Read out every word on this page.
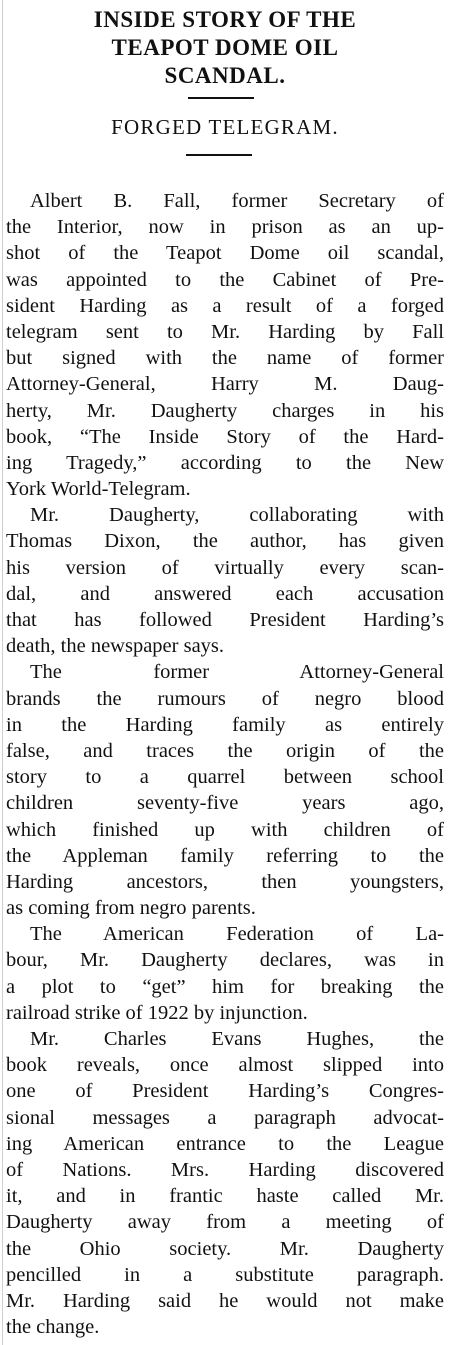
INSIDE STORY OF THE
TEAPOT DOME OIL
SCANDAL.
FORGED TELEGRAM.
Albert B. Fall, former Secretary of
the Interior, now in prison as an up-
shot of the Teapot Dome oil scandal,
was appointed to the Cabinet of Pre-
sident Harding as a result of a forged
telegram sent to Mr. Harding by Fall
but signed with the name of former
Attorney-General, Harry M. Daug-
herty, Mr. Daugherty charges in his
book, “The Inside Story of the Hard-
ing Tragedy,” according to the New
York World-Telegram.
Mr. Daugherty, collaborating with
Thomas Dixon, the author, has given
his version of virtually every scan-
dal, and answered each accusation
that has followed President Harding’s
death, the newspaper says.
The former Attorney-General
brands the rumours of negro blood
in the Harding family as entirely
false, and traces the origin of the
story to a quarrel between school
children seventy-five years ago,
which finished up with children of
the Appleman family referring to the
Harding ancestors, then youngsters,
as coming from negro parents.
The American Federation of La-
bour, Mr. Daugherty declares, was in
a plot to “get” him for breaking the
railroad strike of 1922 by injunction.
Mr. Charles Evans Hughes, the
book reveals, once almost slipped into
one of President Harding’s Congres-
sional messages a paragraph advocat-
ing American entrance to the League
of Nations. Mrs. Harding discovered
it, and in frantic haste called Mr.
Daugherty away from a meeting of
the Ohio society. Mr. Daugherty
pencilled in a substitute paragraph.
Mr. Harding said he would not make
the change.
